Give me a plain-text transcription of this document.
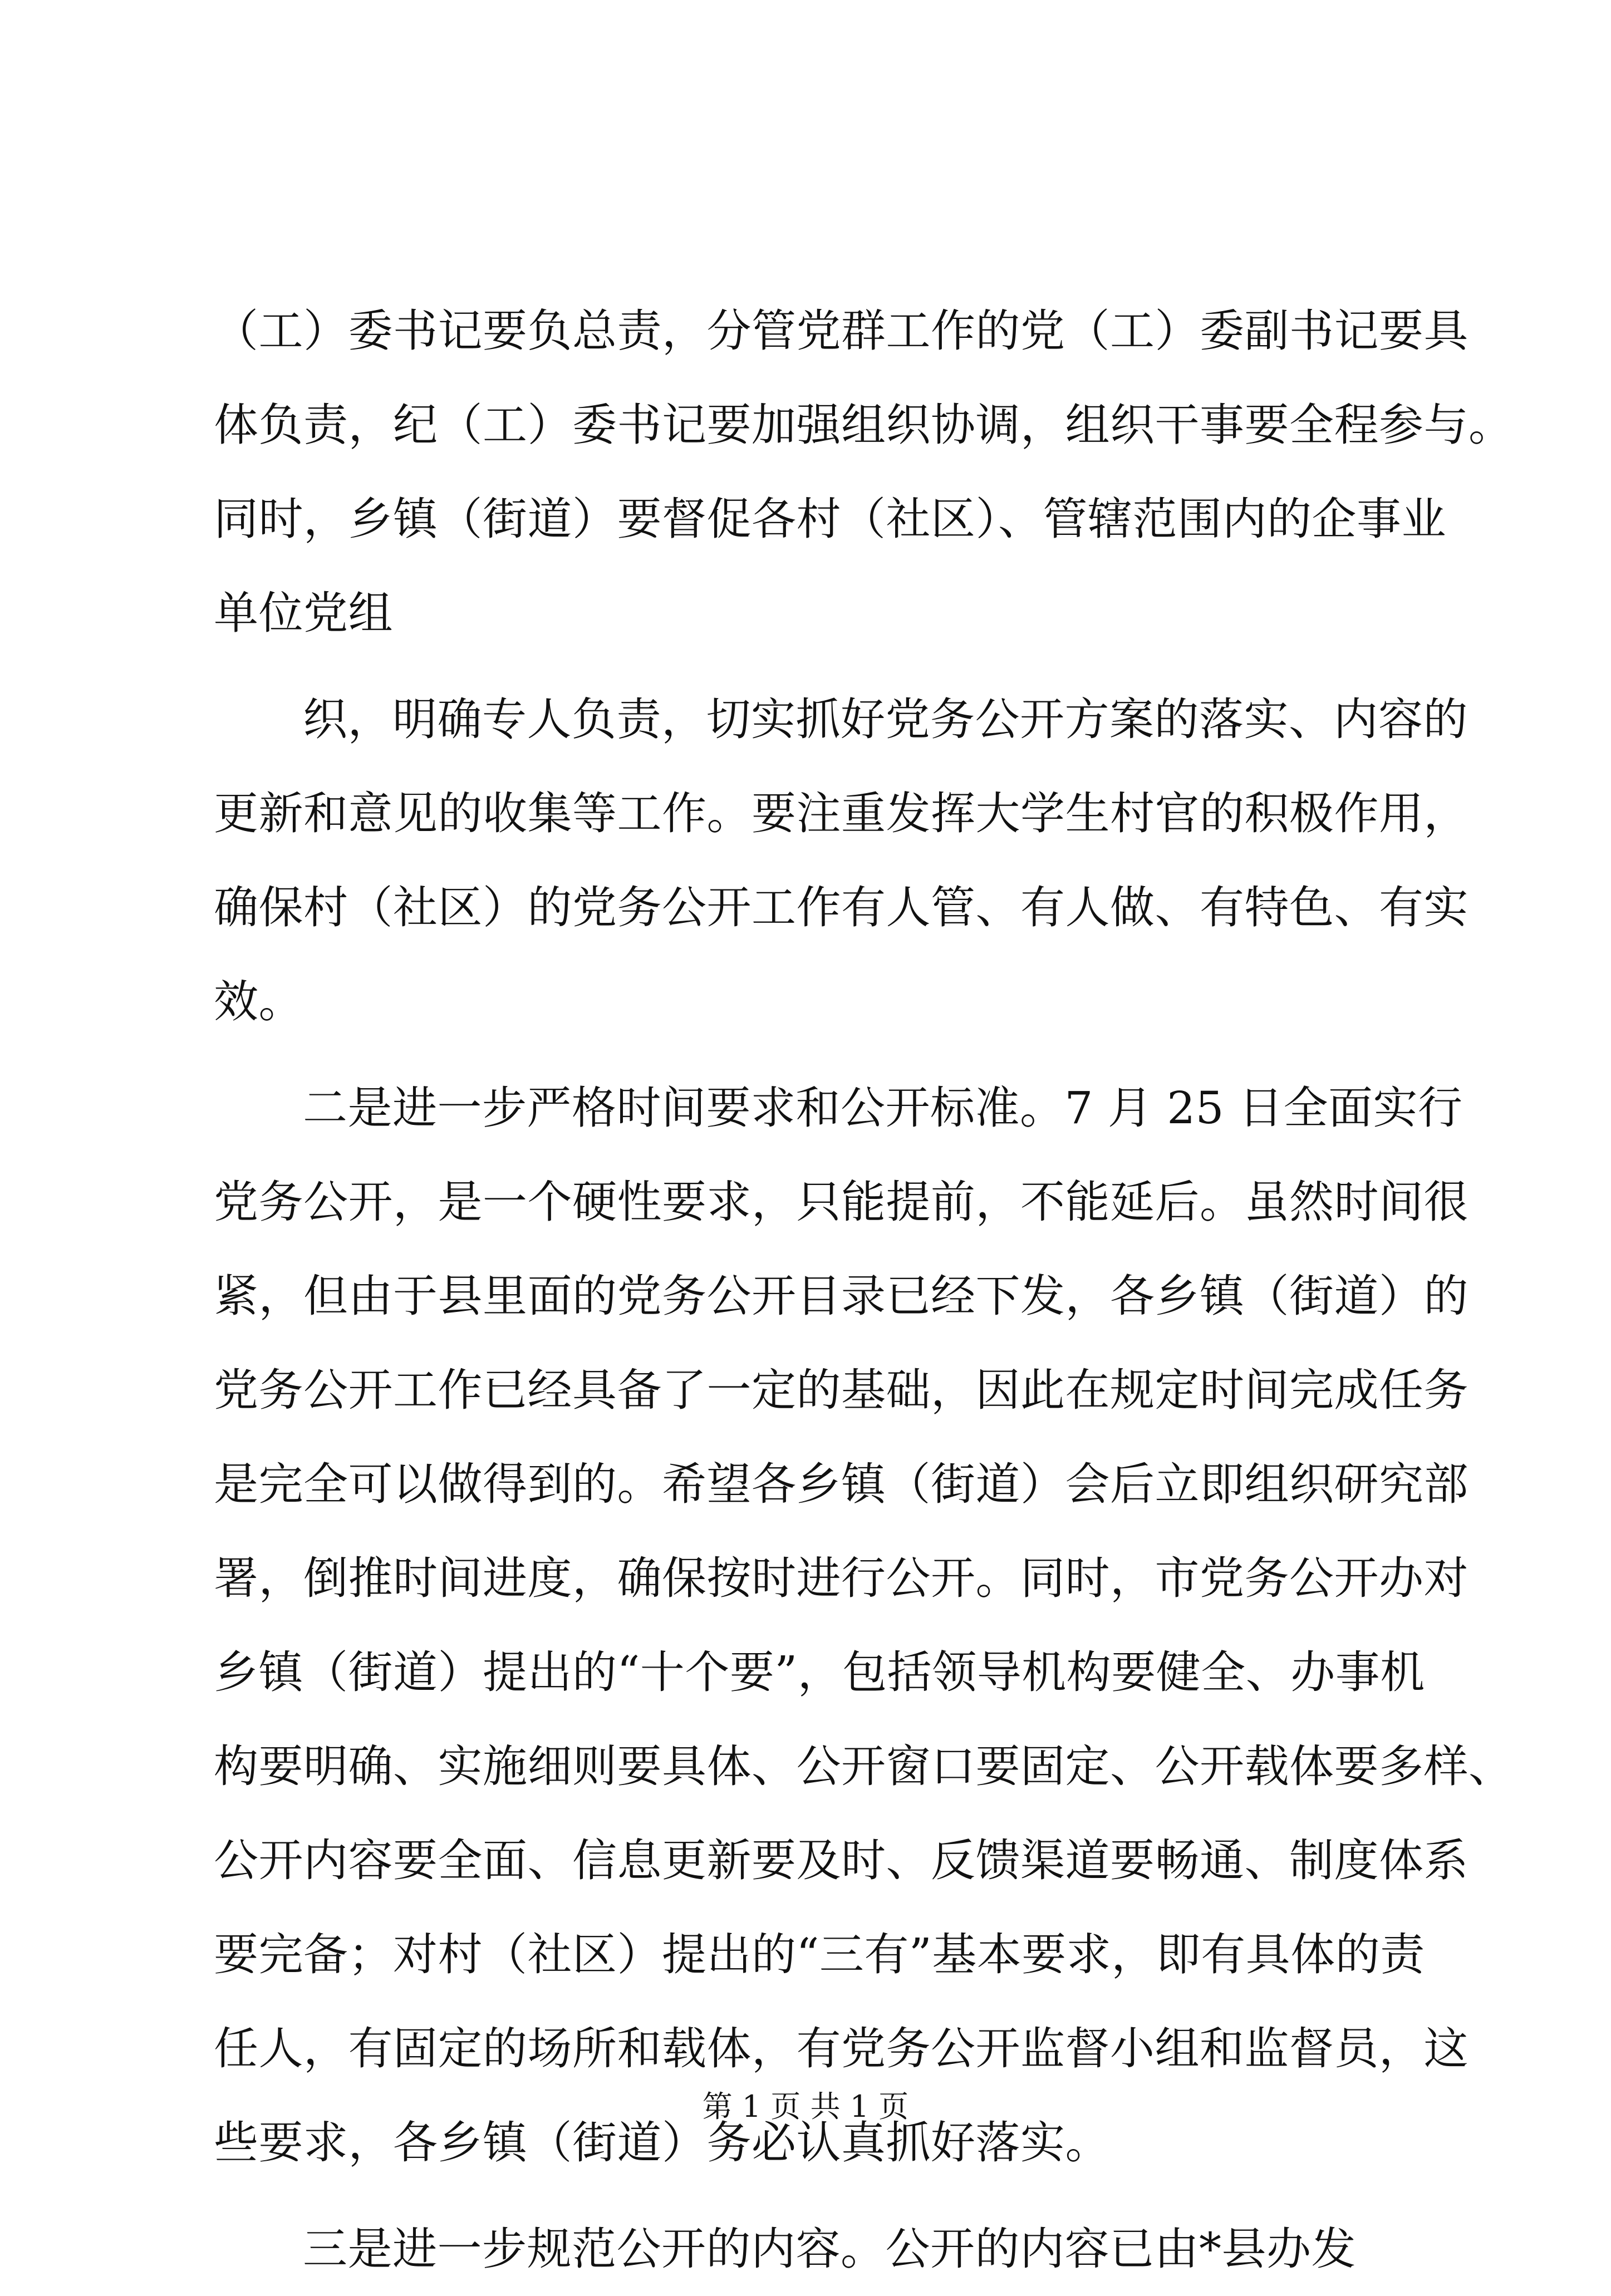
（工）委书记要负总责，分管党群工作的党（工）委副书记要具
体负责，纪（工）委书记要加强组织协调，组织干事要全程参与。
同时，乡镇（街道）要督促各村（社区）、管辖范围内的企事业
单位党组
织，明确专人负责，切实抓好党务公开方案的落实、内容的
更新和意见的收集等工作。要注重发挥大学生村官的积极作用，
确保村（社区）的党务公开工作有人管、有人做、有特色、有实
效。
二是进一步严格时间要求和公开标准。7 月 25 日全面实行
党务公开，是一个硬性要求，只能提前，不能延后。虽然时间很
紧，但由于县里面的党务公开目录已经下发，各乡镇（街道）的
党务公开工作已经具备了一定的基础，因此在规定时间完成任务
是完全可以做得到的。希望各乡镇（街道）会后立即组织研究部
署，倒推时间进度，确保按时进行公开。同时，市党务公开办对
乡镇（街道）提出的“十个要”，包括领导机构要健全、办事机
构要明确、实施细则要具体、公开窗口要固定、公开载体要多样、
公开内容要全面、信息更新要及时、反馈渠道要畅通、制度体系
要完备；对村（社区）提出的“三有”基本要求，即有具体的责
任人，有固定的场所和载体，有党务公开监督小组和监督员，这
些要求，各乡镇（街道）务必认真抓好落实。
三是进一步规范公开的内容。公开的内容已由*县办发
第 1 页 共 1 页
